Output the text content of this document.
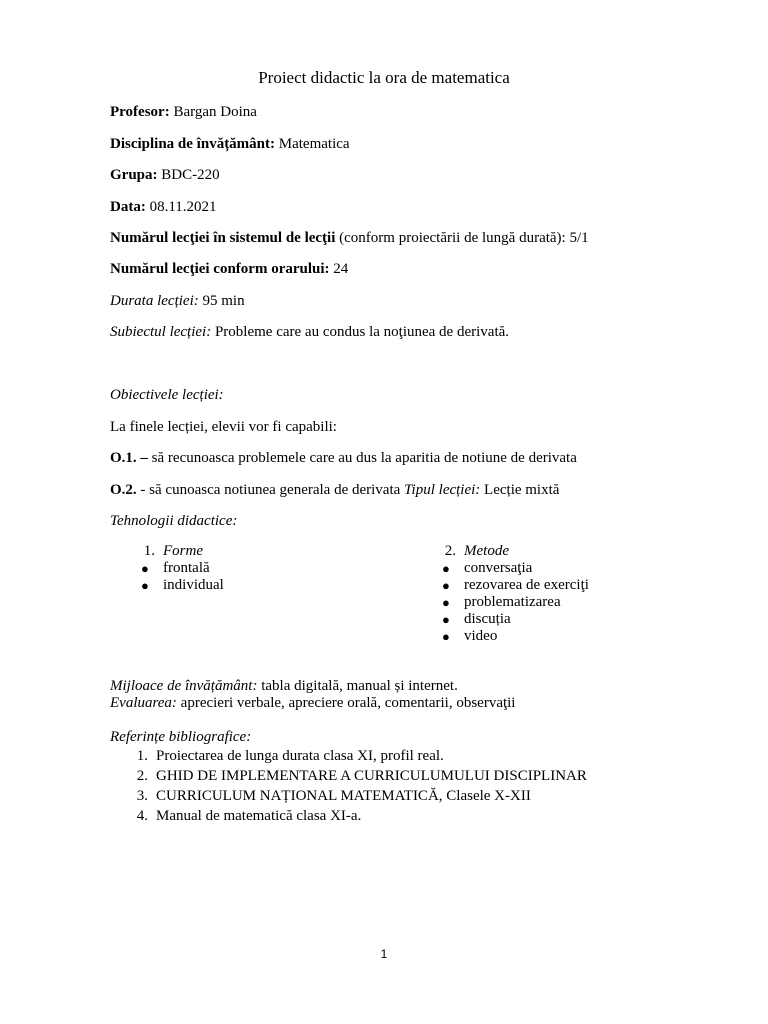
Proiect didactic la ora de matematica
Profesor: Bargan Doina
Disciplina de învățământ: Matematica
Grupa: BDC-220
Data: 08.11.2021
Numărul lecţiei în sistemul de lecţii (conform proiectării de lungă durată): 5/1
Numărul lecţiei conform orarului: 24
Durata lecției: 95 min
Subiectul lecției: Probleme care au condus la noţiunea de derivată.
Obiectivele lecției:
La finele lecției, elevii vor fi capabili:
O.1. – să recunoasca problemele care au dus la aparitia de notiune de derivata
O.2. - să cunoasca notiunea generala de derivata Tipul lecției: Lecție mixtă
Tehnologii didactice:
1. Forme
● frontală
● individual
2. Metode
● conversaţia
● rezovarea de exerciţi
● problematizarea
● discuția
● video
Mijloace de învățământ: tabla digitală, manual și internet.
Evaluarea: aprecieri verbale, apreciere orală, comentarii, observaţii
Referințe bibliografice:
1. Proiectarea de lunga durata clasa XI, profil real.
2. GHID DE IMPLEMENTARE A CURRICULUMULUI DISCIPLINAR
3. CURRICULUM NAȚIONAL MATEMATICĂ, Clasele X-XII
4. Manual de matematică clasa XI-a.
1
